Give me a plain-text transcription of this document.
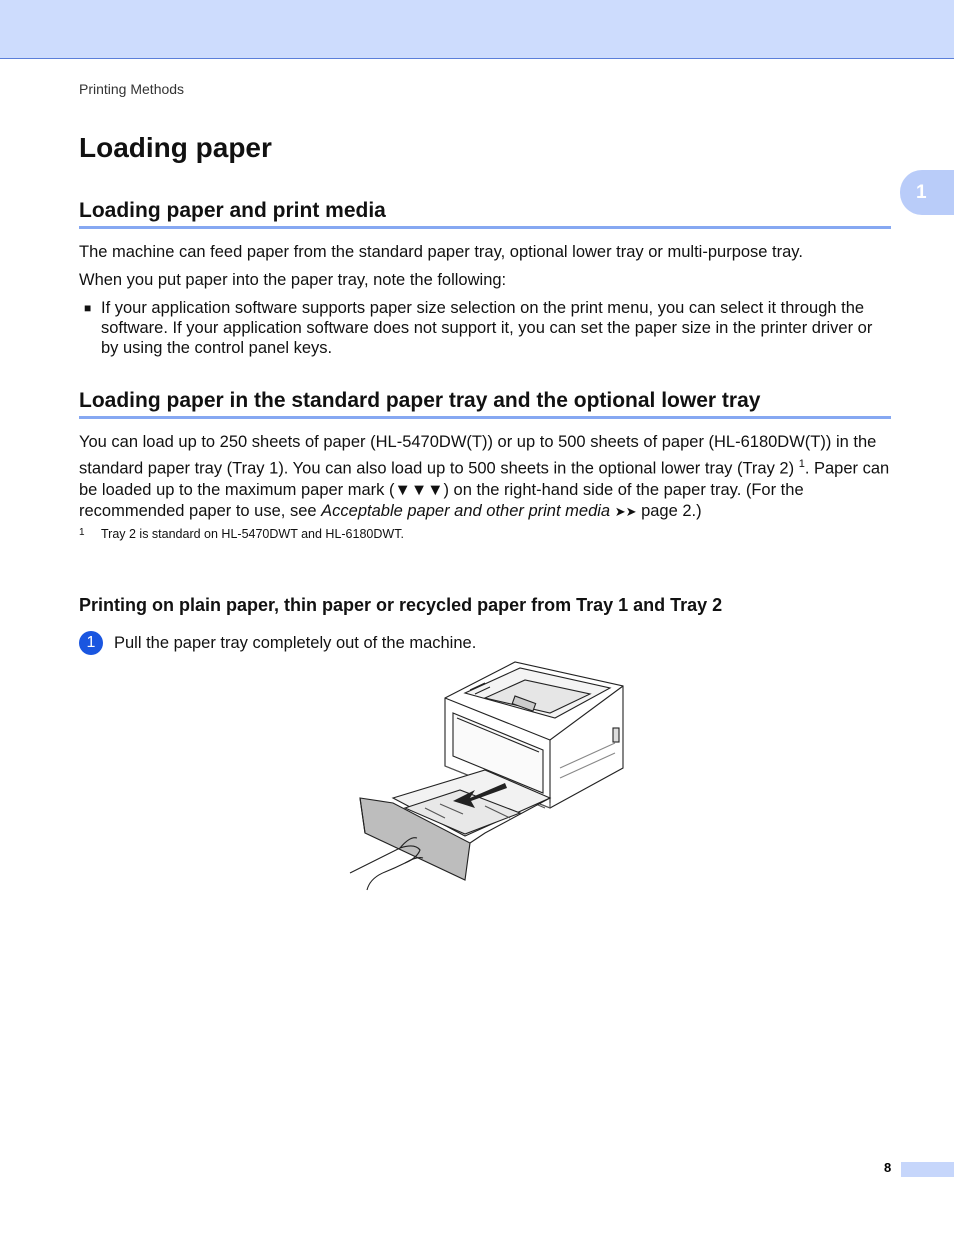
Printing Methods
1
Loading paper
Loading paper and print media

The machine can feed paper from the standard paper tray, optional lower tray or multi-purpose tray.

When you put paper into the paper tray, note the following:

■ If your application software supports paper size selection on the print menu, you can select it through the software. If your application software does not support it, you can set the paper size in the printer driver or by using the control panel keys.
Loading paper in the standard paper tray and the optional lower tray

You can load up to 250 sheets of paper (HL-5470DW(T)) or up to 500 sheets of paper (HL-6180DW(T)) in the standard paper tray (Tray 1). You can also load up to 500 sheets in the optional lower tray (Tray 2) $^1$. Paper can be loaded up to the maximum paper mark (▼▼▼) on the right-hand side of the paper tray. (For the recommended paper to use, see Acceptable paper and other print media ➤➤ page 2.)

1 Tray 2 is standard on HL-5470DWT and HL-6180DWT.
Printing on plain paper, thin paper or recycled paper from Tray 1 and Tray 2
1	Pull the paper tray completely out of the machine.
8
